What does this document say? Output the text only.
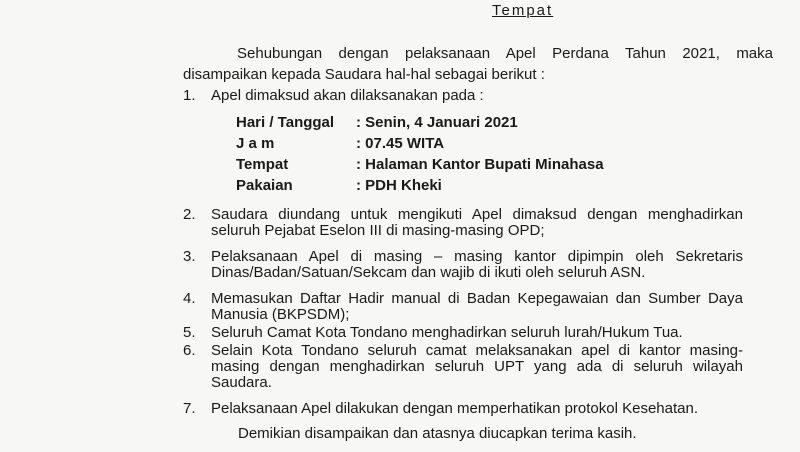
Tempat
Sehubungan dengan pelaksanaan Apel Perdana Tahun 2021, maka disampaikan kepada Saudara hal-hal sebagai berikut :
1.	Apel dimaksud akan dilaksanakan pada :
Hari / Tanggal : Senin, 4 Januari 2021
J a m	: 07.45 WITA
Tempat	: Halaman Kantor Bupati Minahasa
Pakaian	: PDH Kheki
2.	Saudara diundang untuk mengikuti Apel dimaksud dengan menghadirkan seluruh Pejabat Eselon III di masing-masing OPD;
3.	Pelaksanaan Apel di masing – masing kantor dipimpin oleh Sekretaris Dinas/Badan/Satuan/Sekcam dan wajib di ikuti oleh seluruh ASN.
4.	Memasukan Daftar Hadir manual di Badan Kepegawaian dan Sumber Daya Manusia (BKPSDM);
5.	Seluruh Camat Kota Tondano menghadirkan seluruh lurah/Hukum Tua.
6.	Selain Kota Tondano seluruh camat melaksanakan apel di kantor masing-masing dengan menghadirkan seluruh UPT yang ada di seluruh wilayah Saudara.
7.	Pelaksanaan Apel dilakukan dengan memperhatikan protokol Kesehatan.
Demikian disampaikan dan atasnya diucapkan terima kasih.
